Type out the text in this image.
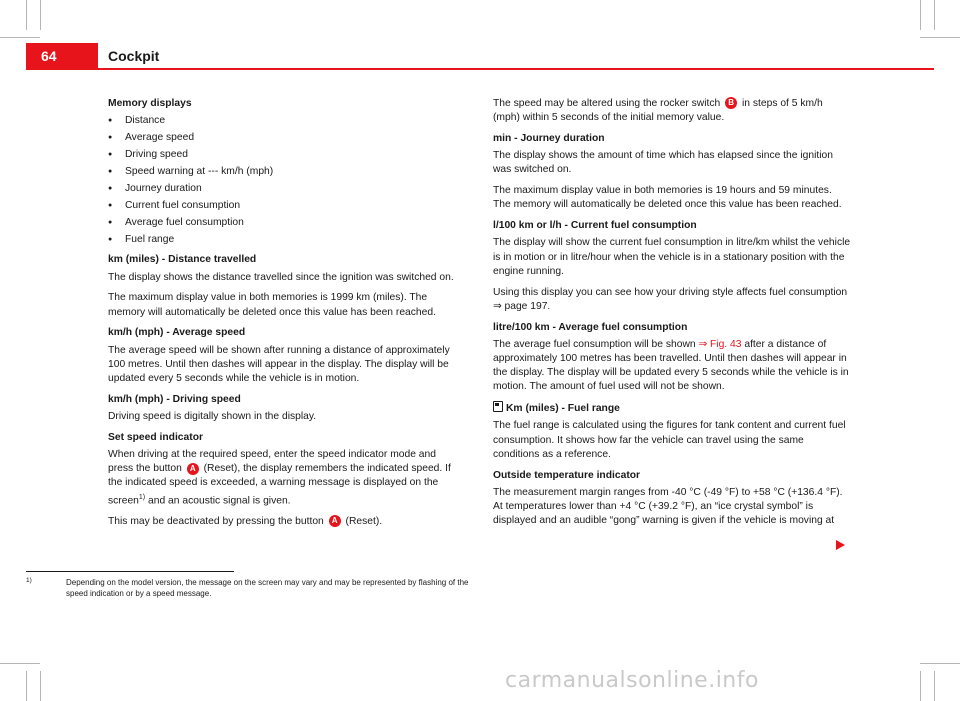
64	Cockpit
Memory displays
● Distance
● Average speed
● Driving speed
● Speed warning at --- km/h (mph)
● Journey duration
● Current fuel consumption
● Average fuel consumption
● Fuel range
km (miles) - Distance travelled

The display shows the distance travelled since the ignition was switched on.

The maximum display value in both memories is 1999 km (miles). The memory will automatically be deleted once this value has been reached.

km/h (mph) - Average speed

The average speed will be shown after running a distance of approximately 100 metres. Until then dashes will appear in the display. The display will be updated every 5 seconds while the vehicle is in motion.

km/h (mph) - Driving speed

Driving speed is digitally shown in the display.

Set speed indicator

When driving at the required speed, enter the speed indicator mode and press the button A (Reset), the display remembers the indicated speed. If the indicated speed is exceeded, a warning message is displayed on the screen$^{1)}$ and an acoustic signal is given.

This may be deactivated by pressing the button A (Reset).

The speed may be altered using the rocker switch B in steps of 5 km/h (mph) within 5 seconds of the initial memory value.

min - Journey duration

The display shows the amount of time which has elapsed since the ignition was switched on.

The maximum display value in both memories is 19 hours and 59 minutes. The memory will automatically be deleted once this value has been reached.

l/100 km or l/h - Current fuel consumption

The display will show the current fuel consumption in litre/km whilst the vehicle is in motion or in litre/hour when the vehicle is in a stationary position with the engine running.

Using this display you can see how your driving style affects fuel consumption ⇒ page 197.

litre/100 km - Average fuel consumption

The average fuel consumption will be shown ⇒ Fig. 43 after a distance of approximately 100 metres has been travelled. Until then dashes will appear in the display. The display will be updated every 5 seconds while the vehicle is in motion. The amount of fuel used will not be shown.

Km (miles) - Fuel range

The fuel range is calculated using the figures for tank content and current fuel consumption. It shows how far the vehicle can travel using the same conditions as a reference.

Outside temperature indicator

The measurement margin ranges from -40 °C (-49 °F) to +58 °C (+136.4 °F). At temperatures lower than +4 °C (+39.2 °F), an “ice crystal symbol” is displayed and an audible “gong” warning is given if the vehicle is moving at

1)	Depending on the model version, the message on the screen may vary and may be represented by flashing of the speed indication or by a speed message.
carmanualsonline.info
